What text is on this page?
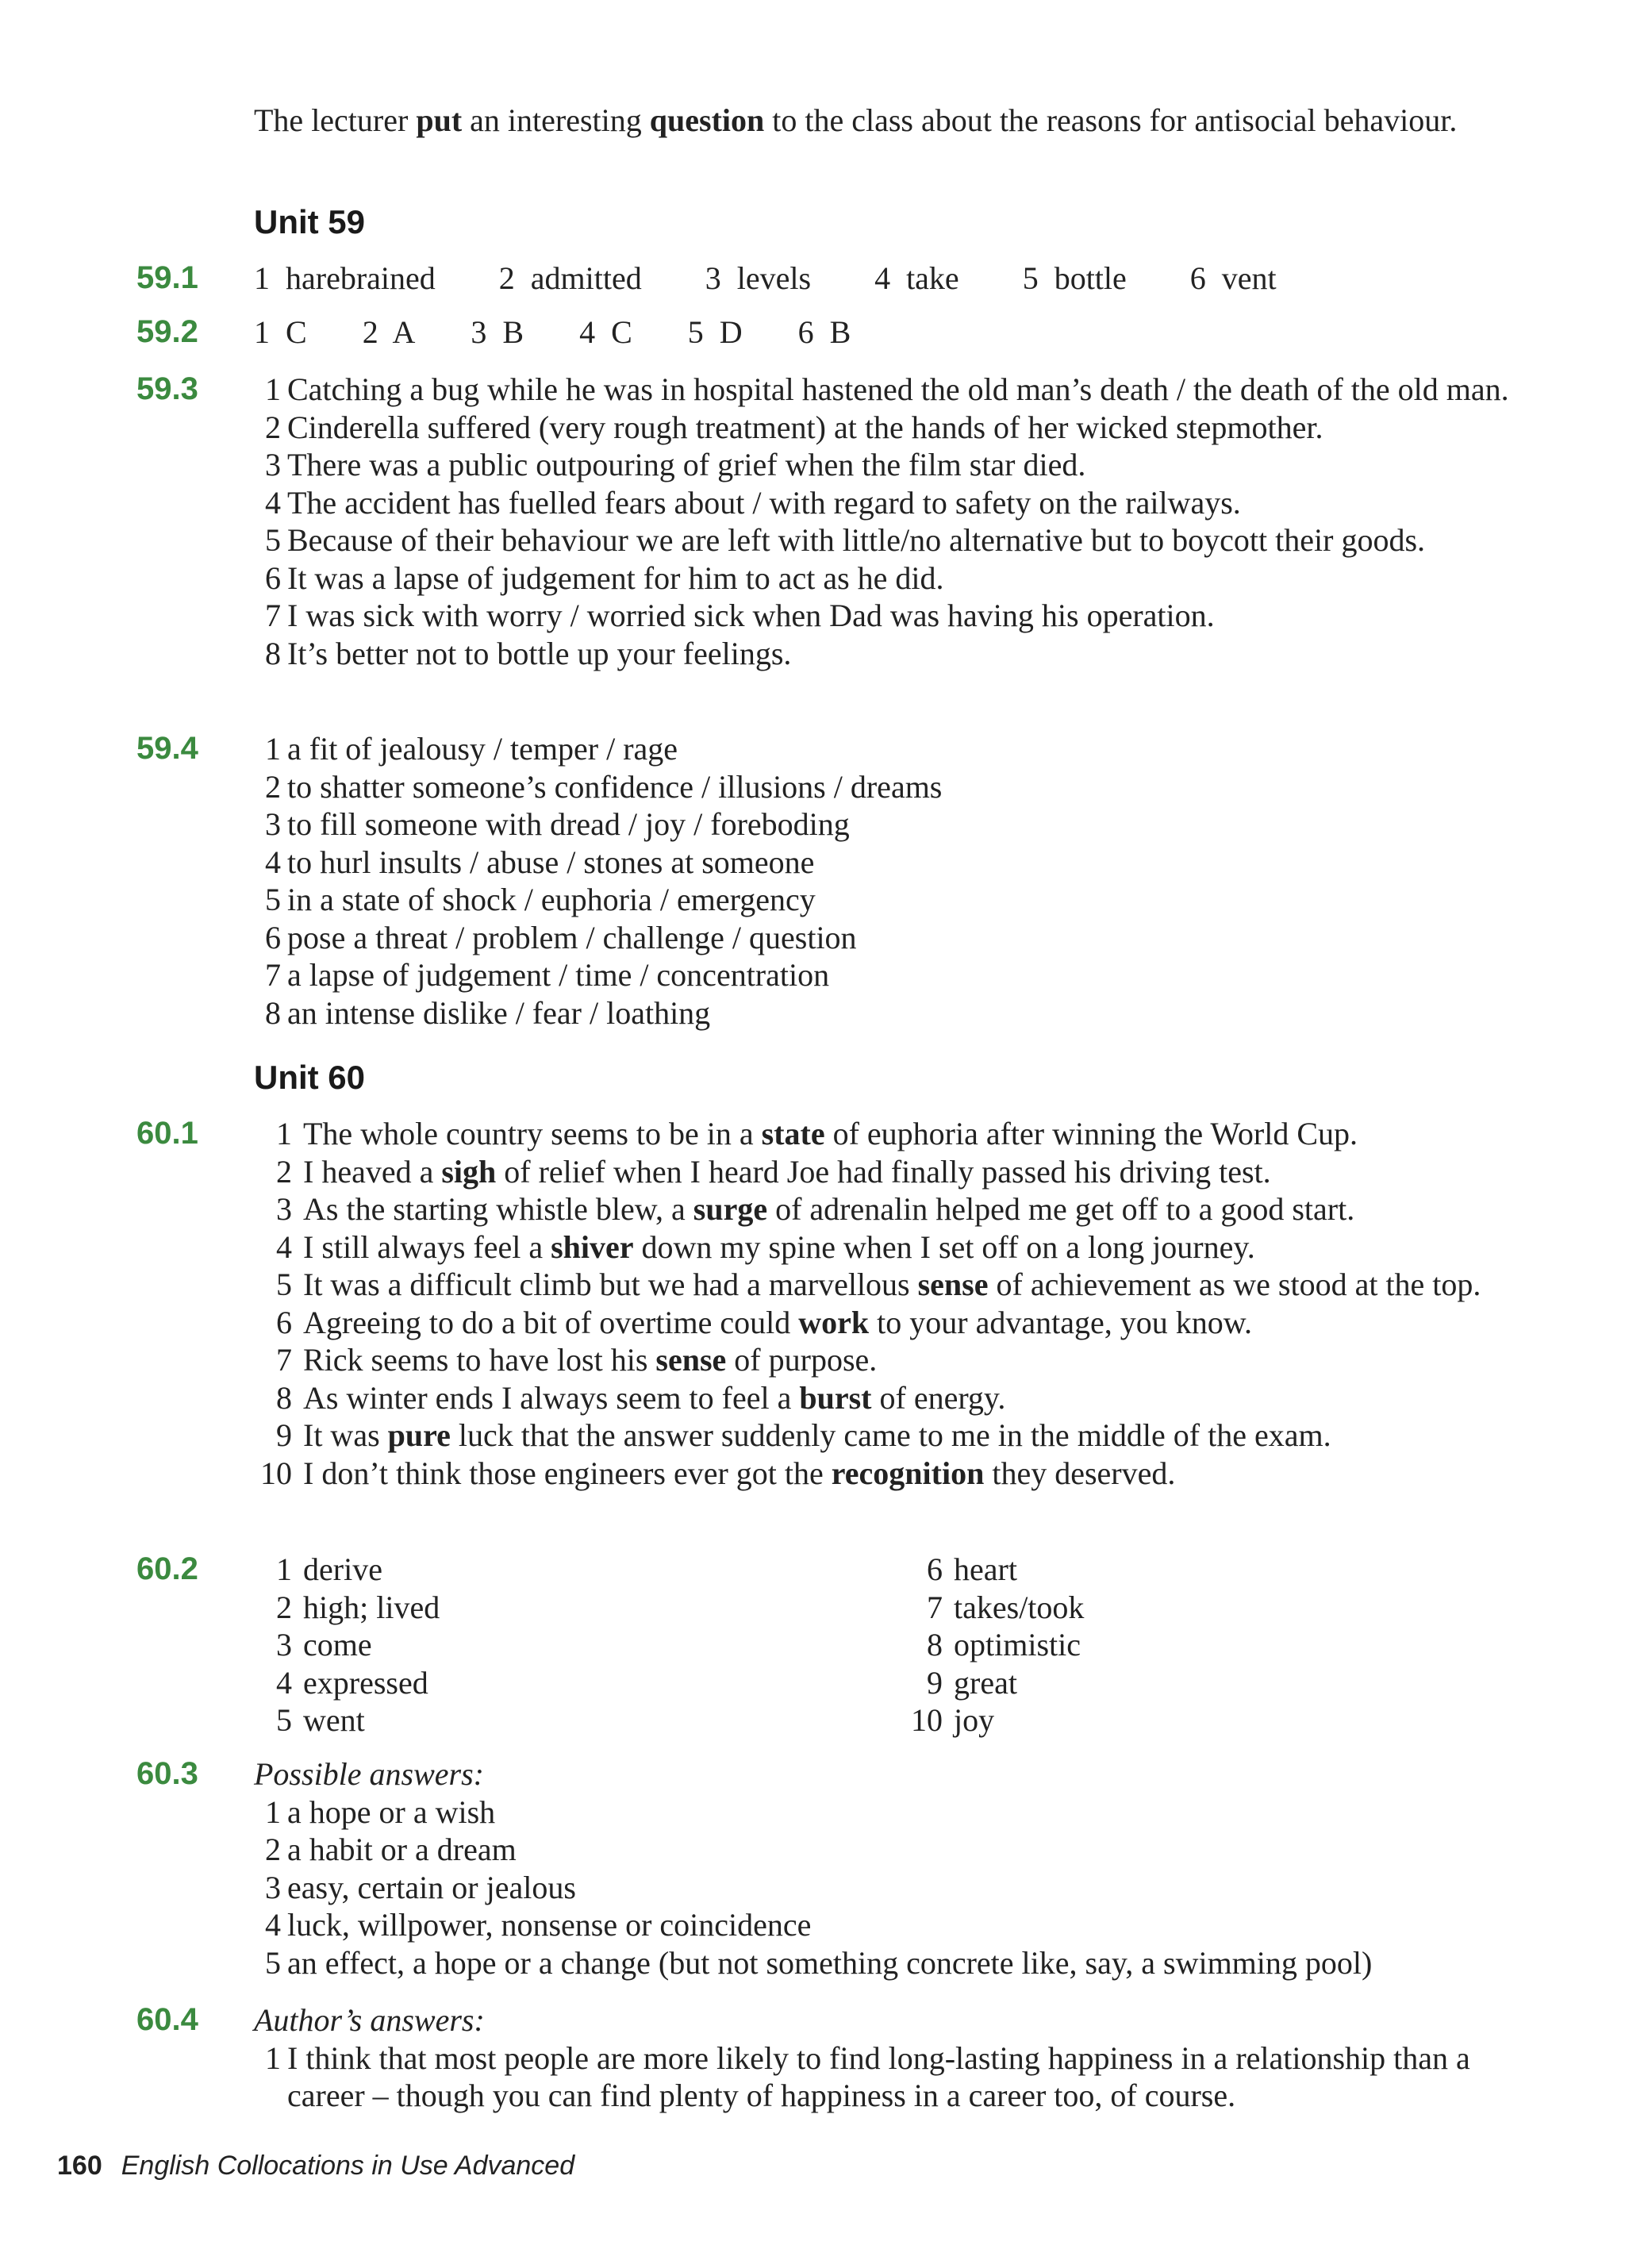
The lecturer put an interesting question to the class about the reasons for antisocial behaviour.
Unit 59
59.1 1  harebrained 2  admitted 3  levels 4  take 5  bottle 6  vent
59.2 1  C 2  A 3  B 4  C 5  D 6  B
59.3	1 Catching a bug while he was in hospital hastened the old man’s death / the death of the old man.
2 Cinderella suffered (very rough treatment) at the hands of her wicked stepmother.
3 There was a public outpouring of grief when the film star died.
4 The accident has fuelled fears about / with regard to safety on the railways.
5 Because of their behaviour we are left with little/no alternative but to boycott their goods.
6 It was a lapse of judgement for him to act as he did.
7 I was sick with worry / worried sick when Dad was having his operation.
8 It’s better not to bottle up your feelings.
59.4	1 a fit of jealousy / temper / rage
2 to shatter someone’s confidence / illusions / dreams
3 to fill someone with dread / joy / foreboding
4 to hurl insults / abuse / stones at someone
5 in a state of shock / euphoria / emergency
6 pose a threat / problem / challenge / question
7 a lapse of judgement / time / concentration
8 an intense dislike / fear / loathing
Unit 60
60.1	1 The whole country seems to be in a state of euphoria after winning the World Cup.
2 I heaved a sigh of relief when I heard Joe had finally passed his driving test.
3 As the starting whistle blew, a surge of adrenalin helped me get off to a good start.
4 I still always feel a shiver down my spine when I set off on a long journey.
5 It was a difficult climb but we had a marvellous sense of achievement as we stood at the top.
6 Agreeing to do a bit of overtime could work to your advantage, you know.
7 Rick seems to have lost his sense of purpose.
8 As winter ends I always seem to feel a burst of energy.
9 It was pure luck that the answer suddenly came to me in the middle of the exam.
10 I don’t think those engineers ever got the recognition they deserved.
60.2	1 derive
2 high; lived
3 come
4 expressed
5 went
6 heart
7 takes/took
8 optimistic
9 great
10 joy
60.3 Possible answers:
1 a hope or a wish
2 a habit or a dream
3 easy, certain or jealous
4 luck, willpower, nonsense or coincidence
5 an effect, a hope or a change (but not something concrete like, say, a swimming pool)
60.4 Author’s answers:
1 I think that most people are more likely to find long-lasting happiness in a relationship than a career – though you can find plenty of happiness in a career too, of course.
160 English Collocations in Use Advanced
